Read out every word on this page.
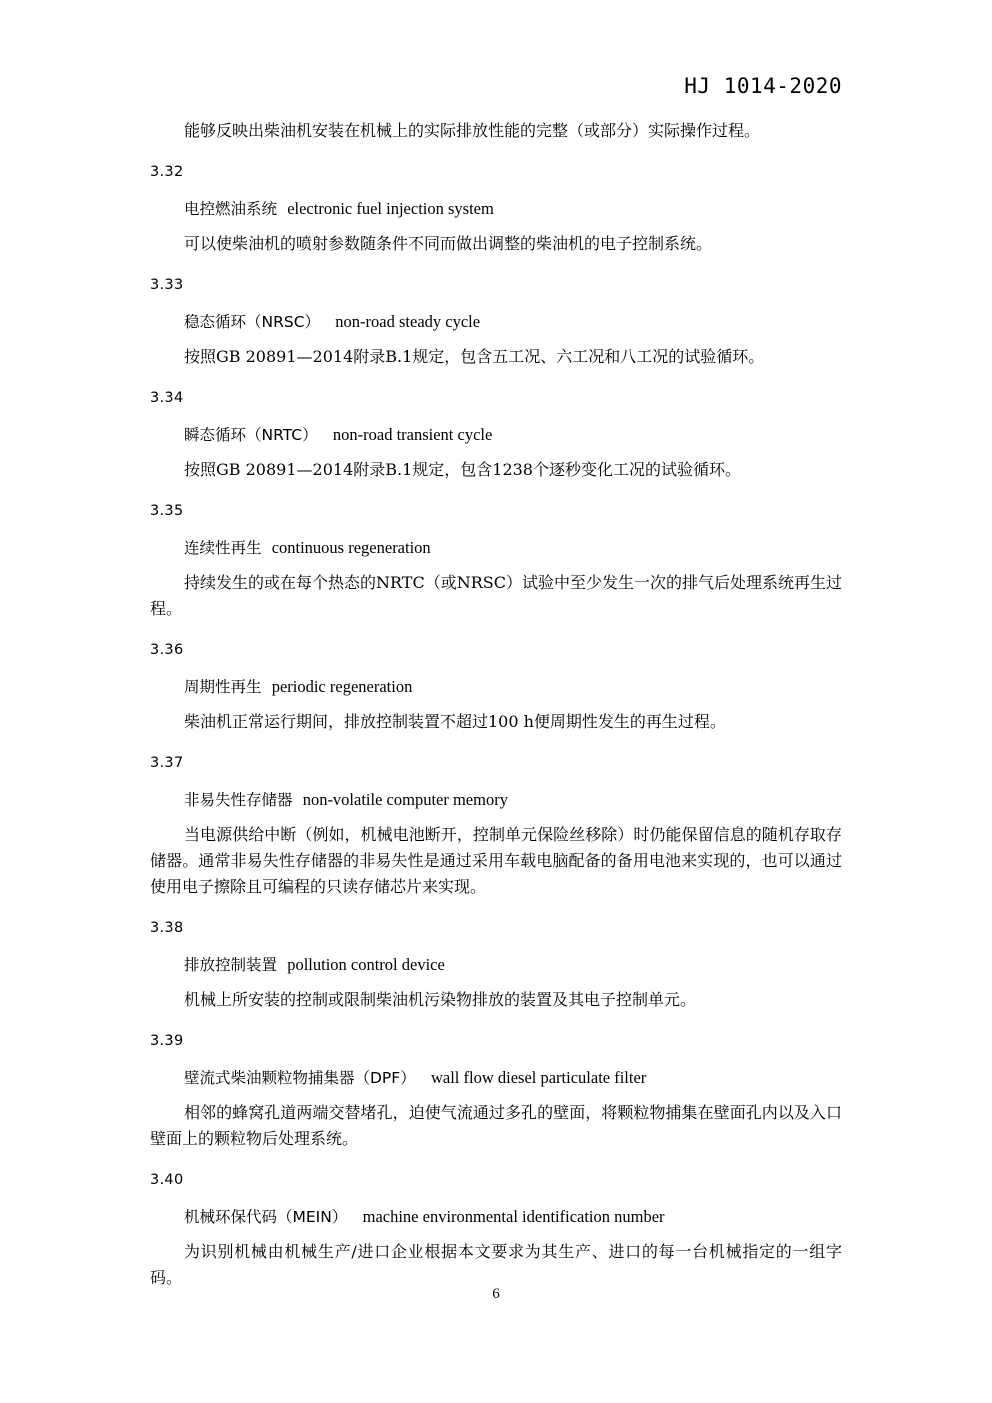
HJ 1014-2020

能够反映出柴油机安装在机械上的实际排放性能的完整（或部分）实际操作过程。

3.32

电控燃油系统 electronic fuel injection system

可以使柴油机的喷射参数随条件不同而做出调整的柴油机的电子控制系统。

3.33

稳态循环（NRSC） non-road steady cycle

按照GB 20891—2014附录B.1规定，包含五工况、六工况和八工况的试验循环。

3.34

瞬态循环（NRTC） non-road transient cycle

按照GB 20891—2014附录B.1规定，包含1238个逐秒变化工况的试验循环。

3.35

连续性再生 continuous regeneration

持续发生的或在每个热态的NRTC（或NRSC）试验中至少发生一次的排气后处理系统再生过程。

3.36

周期性再生 periodic regeneration

柴油机正常运行期间，排放控制装置不超过100 h便周期性发生的再生过程。

3.37

非易失性存储器 non-volatile computer memory

当电源供给中断（例如，机械电池断开，控制单元保险丝移除）时仍能保留信息的随机存取存储器。通常非易失性存储器的非易失性是通过采用车载电脑配备的备用电池来实现的，也可以通过使用电子擦除且可编程的只读存储芯片来实现。

3.38

排放控制装置 pollution control device

机械上所安装的控制或限制柴油机污染物排放的装置及其电子控制单元。

3.39

壁流式柴油颗粒物捕集器（DPF） wall flow diesel particulate filter

相邻的蜂窝孔道两端交替堵孔，迫使气流通过多孔的壁面，将颗粒物捕集在壁面孔内以及入口壁面上的颗粒物后处理系统。

3.40

机械环保代码（MEIN） machine environmental identification number

为识别机械由机械生产/进口企业根据本文要求为其生产、进口的每一台机械指定的一组字码。

6
